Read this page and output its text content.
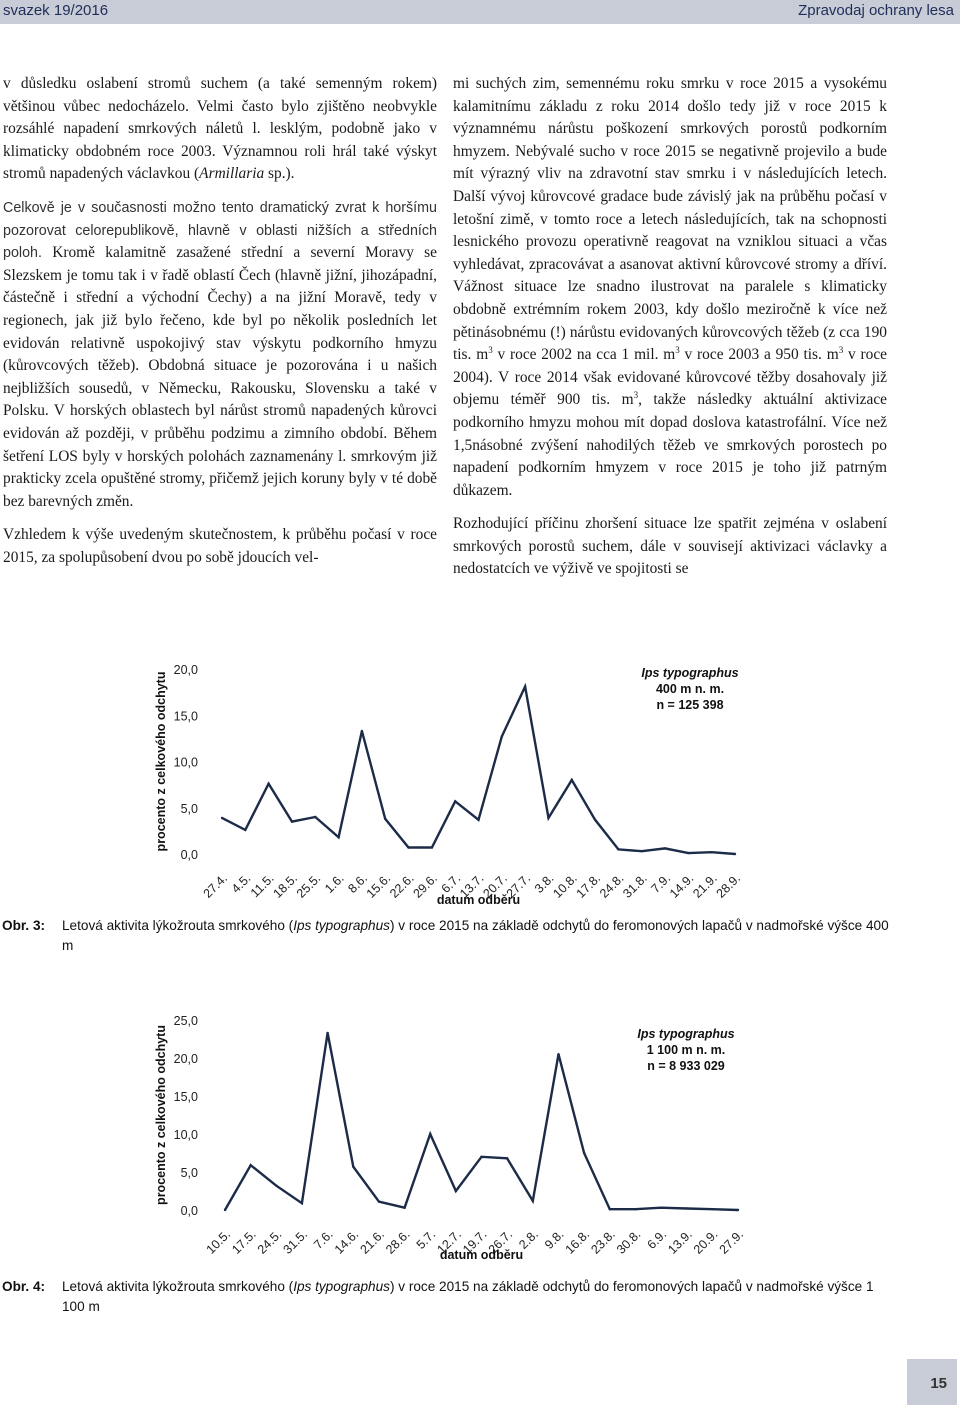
svazek 19/2016	Zpravodaj ochrany lesa

v důsledku oslabení stromů suchem (a také semenným rokem) většinou vůbec nedocházelo. Velmi často bylo zjištěno neobvykle rozsáhlé napadení smrkových náletů l. lesklým, podobně jako v klimaticky obdobném roce 2003. Významnou roli hrál také výskyt stromů napadených václavkou (Armillaria sp.).

Celkově je v současnosti možno tento dramatický zvrat k horšímu pozorovat celorepublikově, hlavně v oblasti nižších a středních poloh. Kromě kalamitně zasažené střední a severní Moravy se Slezskem je tomu tak i v řadě oblastí Čech (hlavně jižní, jihozápadní, částečně i střední a východní Čechy) a na jižní Moravě, tedy v regionech, jak již bylo řečeno, kde byl po několik posledních let evidován relativně uspokojivý stav výskytu podkorního hmyzu (kůrovcových těžeb). Obdobná situace je pozorována i u našich nejbližších sousedů, v Německu, Rakousku, Slovensku a také v Polsku. V horských oblastech byl nárůst stromů napadených kůrovci evidován až později, v průběhu podzimu a zimního období. Během šetření LOS byly v horských polohách zaznamenány l. smrkovým již prakticky zcela opuštěné stromy, přičemž jejich koruny byly v té době bez barevných změn.

Vzhledem k výše uvedeným skutečnostem, k průběhu počasí v roce 2015, za spolupůsobení dvou po sobě jdoucích vel-

mi suchých zim, semennému roku smrku v roce 2015 a vysokému kalamitnímu základu z roku 2014 došlo tedy již v roce 2015 k významnému nárůstu poškození smrkových porostů podkorním hmyzem. Nebývalé sucho v roce 2015 se negativně projevilo a bude mít výrazný vliv na zdravotní stav smrku i v následujících letech. Další vývoj kůrovcové gradace bude závislý jak na průběhu počasí v letošní zimě, v tomto roce a letech následujících, tak na schopnosti lesnického provozu operativně reagovat na vzniklou situaci a včas vyhledávat, zpracovávat a asanovat aktivní kůrovcové stromy a dříví. Vážnost situace lze snadno ilustrovat na paralele s klimaticky obdobně extrémním rokem 2003, kdy došlo meziročně k více než pětinásobnému (!) nárůstu evidovaných kůrovcových těžeb (z cca 190 tis. $m^3$ v roce 2002 na cca 1 mil. $m^3$ v roce 2003 a 950 tis. $m^3$ v roce 2004). V roce 2014 však evidované kůrovcové těžby dosahovaly již objemu téměř 900 tis. $m^3$, takže následky aktuální aktivizace podkorního hmyzu mohou mít dopad doslova katastrofální. Více než 1,5násobné zvýšení nahodilých těžeb ve smrkových porostech po napadení podkorním hmyzem v roce 2015 je toho již patrným důkazem.

Rozhodující příčinu zhoršení situace lze spatřit zejména v oslabení smrkových porostů suchem, dále v souvisejí aktivizaci václavky a nedostatcích ve výživě ve spojitosti se

0,0
5,0
10,0
15,0
20,0
procento z celkového odchytu
27.4.
4.5.
11.5.
18.5.
25.5.
1.6.
8.6.
15.6.
22.6.
29.6.
6.7.
13.7.
20.7.
27.7.
3.8.
10.8.
17.8.
24.8.
31.8.
7.9.
14.9.
21.9.
28.9.
datum odběru
Ips typographus
400 m n. m.
n = 125 398
Obr. 3: Letová aktivita lýkožrouta smrkového (Ips typographus) v roce 2015 na základě odchytů do feromonových lapačů v nadmořské výšce 400 m
0,0
5,0
10,0
15,0
20,0
25,0
procento z celkového odchytu
10.5.
17.5.
24.5.
31.5. 7.6.
14.6.
21.6.
28.6. 5.7.
12.7.
19.7.
26.7. 2.8. 9.8.
16.8.
23.8.
30.8. 6.9.
13.9.
20.9.
27.9.
datum odběru
Ips typographus
1 100 m n. m.
n = 8 933 029
Obr. 4: Letová aktivita lýkožrouta smrkového (Ips typographus) v roce 2015 na základě odchytů do feromonových lapačů v nadmořské výšce 1 100 m
15
